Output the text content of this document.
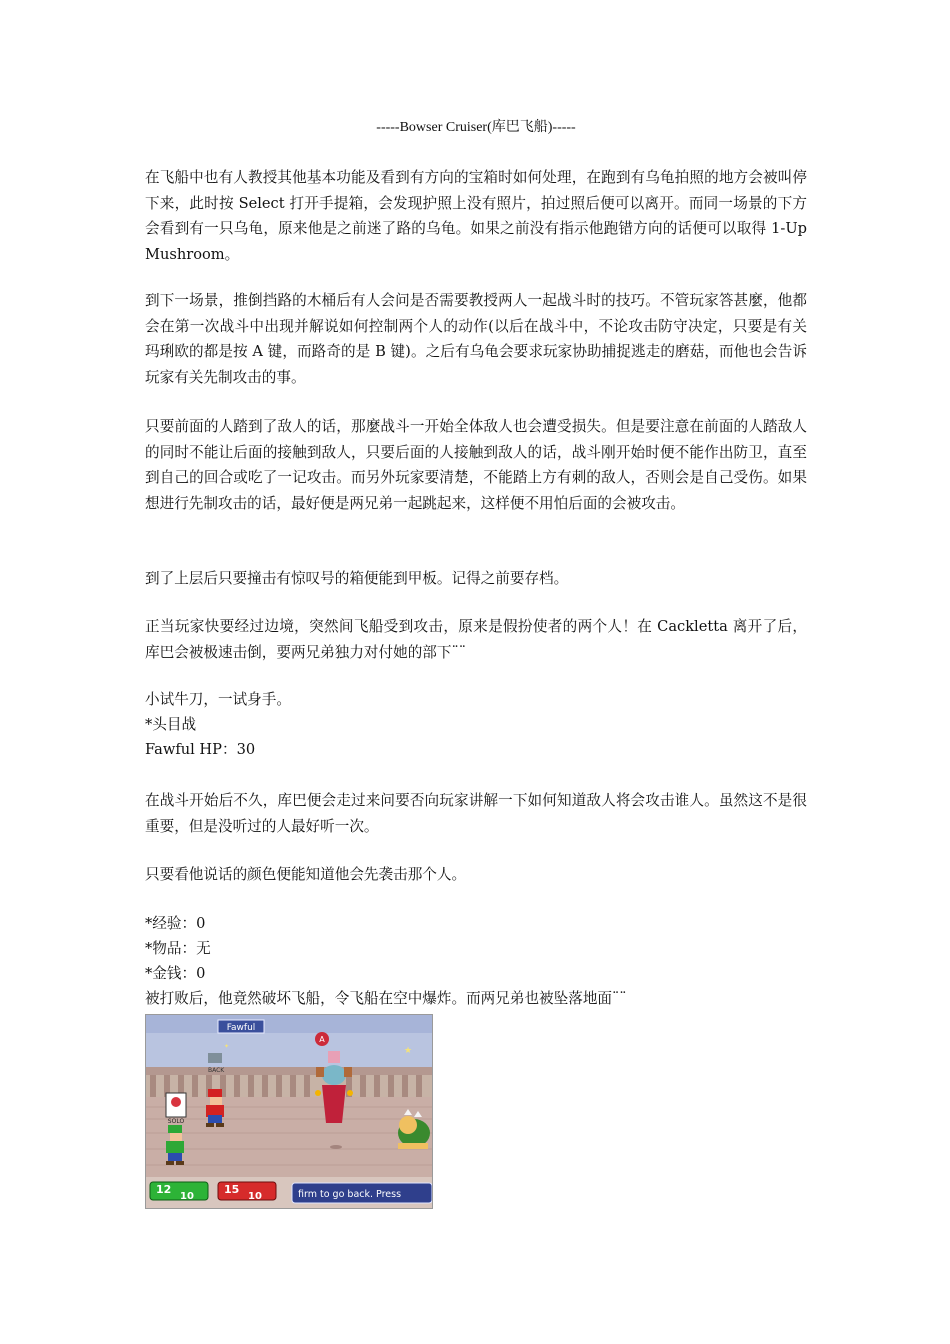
-----Bowser Cruiser(库巴飞船)-----

在飞船中也有人教授其他基本功能及看到有方向的宝箱时如何处理，在跑到有乌龟拍照的地方会被叫停下来，此时按 Select 打开手提箱，会发现护照上没有照片，拍过照后便可以离开。而同一场景的下方会看到有一只乌龟，原来他是之前迷了路的乌龟。如果之前没有指示他跑错方向的话便可以取得 1-Up Mushroom。

到下一场景，推倒挡路的木桶后有人会问是否需要教授两人一起战斗时的技巧。不管玩家答甚麼，他都会在第一次战斗中出现并解说如何控制两个人的动作(以后在战斗中，不论攻击防守决定，只要是有关玛琍欧的都是按 A 键，而路奇的是 B 键)。之后有乌龟会要求玩家协助捕捉逃走的磨菇，而他也会告诉玩家有关先制攻击的事。

只要前面的人踏到了敌人的话，那麼战斗一开始全体敌人也会遭受损失。但是要注意在前面的人踏敌人的同时不能让后面的接触到敌人，只要后面的人接触到敌人的话，战斗刚开始时便不能作出防卫，直至到自己的回合或吃了一记攻击。而另外玩家要清楚，不能踏上方有刺的敌人，否则会是自己受伤。如果想进行先制攻击的话，最好便是两兄弟一起跳起来，这样便不用怕后面的会被攻击。

到了上层后只要撞击有惊叹号的箱便能到甲板。记得之前要存档。

正当玩家快要经过边境，突然间飞船受到攻击，原来是假扮使者的两个人！在 Cackletta 离开了后，库巴会被极速击倒，要两兄弟独力对付她的部下¨¨

小试牛刀，一试身手。
*头目战
Fawful HP：30

在战斗开始后不久，库巴便会走过来问要否向玩家讲解一下如何知道敌人将会攻击谁人。虽然这不是很重要，但是没听过的人最好听一次。

只要看他说话的颜色便能知道他会先袭击那个人。

*经验：0
*物品：无
*金钱：0
被打败后，他竟然破坏飞船，令飞船在空中爆炸。而两兄弟也被坠落地面¨¨
Fawful
★
✦
BACK
A
SOLO
12
10
15
10	firm to go back. Press
